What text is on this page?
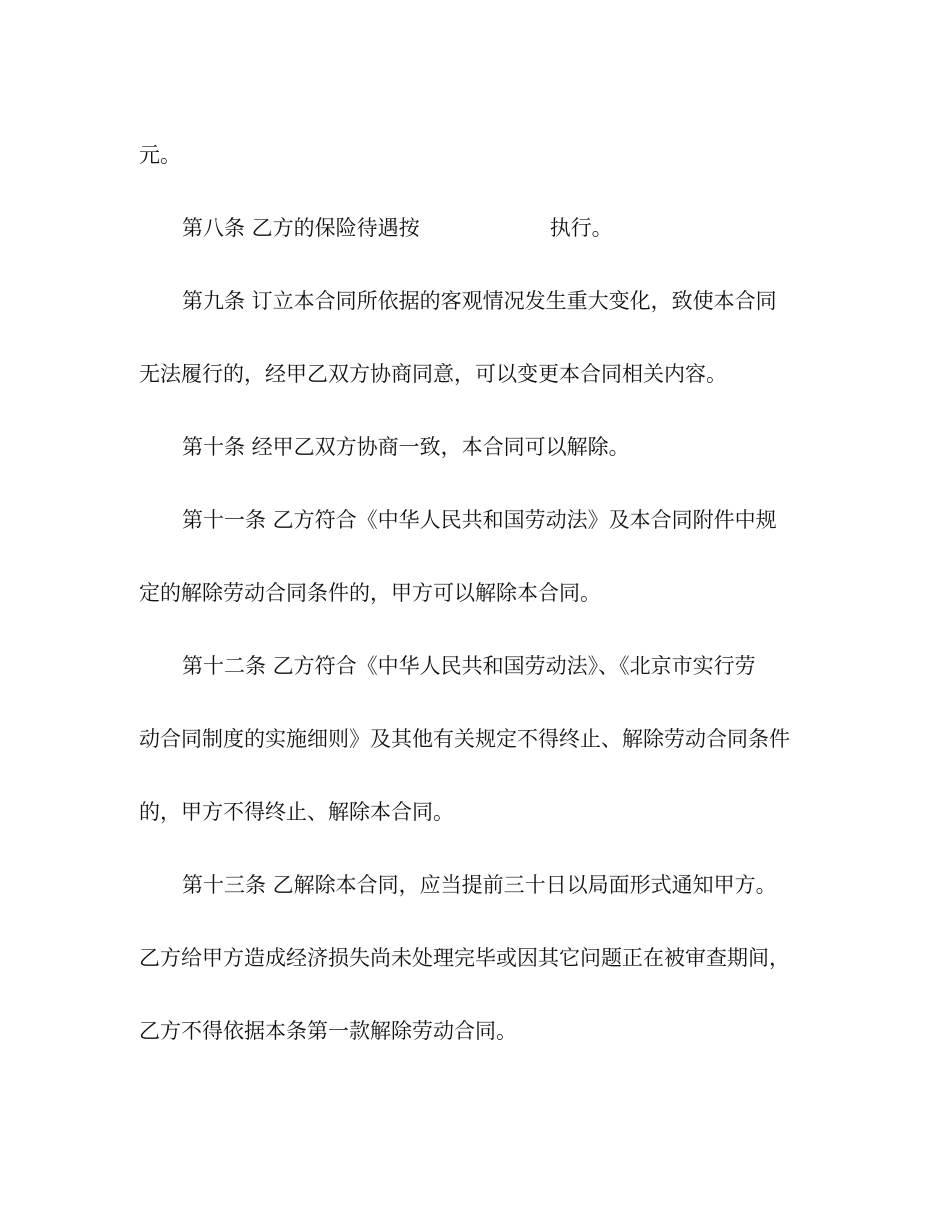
元。
第八条 乙方的保险待遇按	执行。
第九条 订立本合同所依据的客观情况发生重大变化，致使本合同
无法履行的，经甲乙双方协商同意，可以变更本合同相关内容。
第十条 经甲乙双方协商一致，本合同可以解除。
第十一条 乙方符合《中华人民共和国劳动法》及本合同附件中规
定的解除劳动合同条件的，甲方可以解除本合同。
第十二条 乙方符合《中华人民共和国劳动法》、《北京市实行劳
动合同制度的实施细则》及其他有关规定不得终止、解除劳动合同条件
的，甲方不得终止、解除本合同。
第十三条 乙解除本合同，应当提前三十日以局面形式通知甲方。
乙方给甲方造成经济损失尚未处理完毕或因其它问题正在被审查期间，
乙方不得依据本条第一款解除劳动合同。
